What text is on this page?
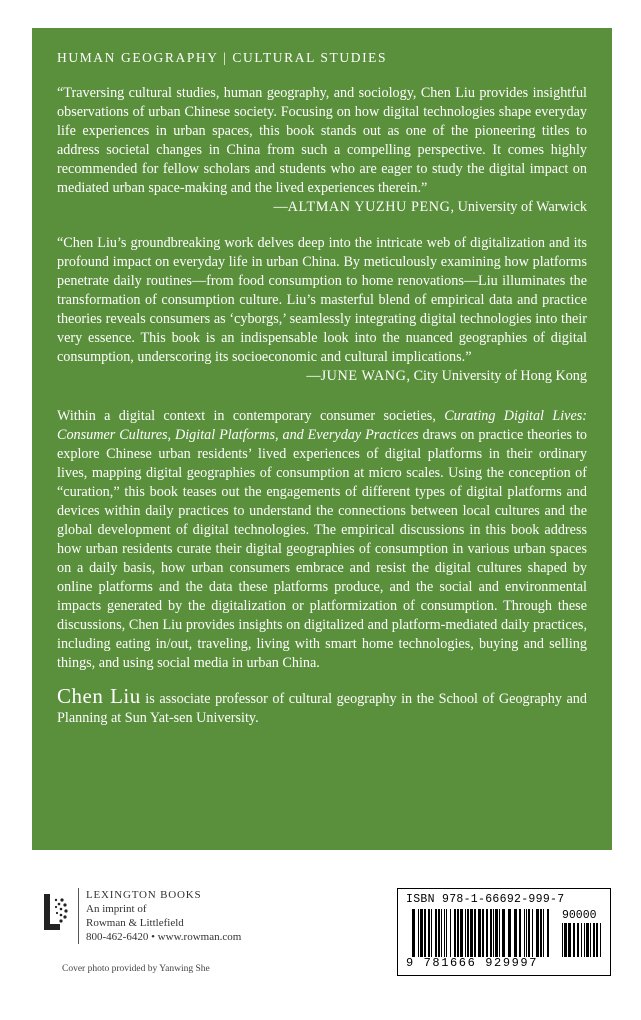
HUMAN GEOGRAPHY | CULTURAL STUDIES

“Traversing cultural studies, human geography, and sociology, Chen Liu provides insightful observations of urban Chinese society. Focusing on how digital technologies shape everyday life experiences in urban spaces, this book stands out as one of the pioneering titles to address societal changes in China from such a compelling perspective. It comes highly recommended for fellow scholars and students who are eager to study the digital impact on mediated urban space-making and the lived experiences therein.”

—ALTMAN YUZHU PENG, University of Warwick

“Chen Liu’s groundbreaking work delves deep into the intricate web of digitalization and its profound impact on everyday life in urban China. By meticulously examining how platforms penetrate daily routines—from food consumption to home renovations—Liu illuminates the transformation of consumption culture. Liu’s masterful blend of empirical data and practice theories reveals consumers as ‘cyborgs,’ seamlessly integrating digital technologies into their very essence. This book is an indispensable look into the nuanced geographies of digital consumption, underscoring its socioeconomic and cultural implications.”

—JUNE WANG, City University of Hong Kong

Within a digital context in contemporary consumer societies, Curating Digital Lives: Consumer Cultures, Digital Platforms, and Everyday Practices draws on practice theories to explore Chinese urban residents’ lived experiences of digital platforms in their ordinary lives, mapping digital geographies of consumption at micro scales. Using the conception of “curation,” this book teases out the engagements of different types of digital platforms and devices within daily practices to understand the connections between local cultures and the global development of digital technologies. The empirical discussions in this book address how urban residents curate their digital geographies of consumption in various urban spaces on a daily basis, how urban consumers embrace and resist the digital cultures shaped by online platforms and the data these platforms produce, and the social and environmental impacts generated by the digitalization or platformization of consumption. Through these discussions, Chen Liu provides insights on digitalized and platform-mediated daily practices, including eating in/out, traveling, living with smart home technologies, buying and selling things, and using social media in urban China.

Chen Liu is associate professor of cultural geography in the School of Geography and Planning at Sun Yat-sen University.

LEXINGTON BOOKS
An imprint of
Rowman & Littlefield
800-462-6420 • www.rowman.com
Cover photo provided by Yanwing She
ISBN 978-1-66692-999-7
90000
9 781666 929997
